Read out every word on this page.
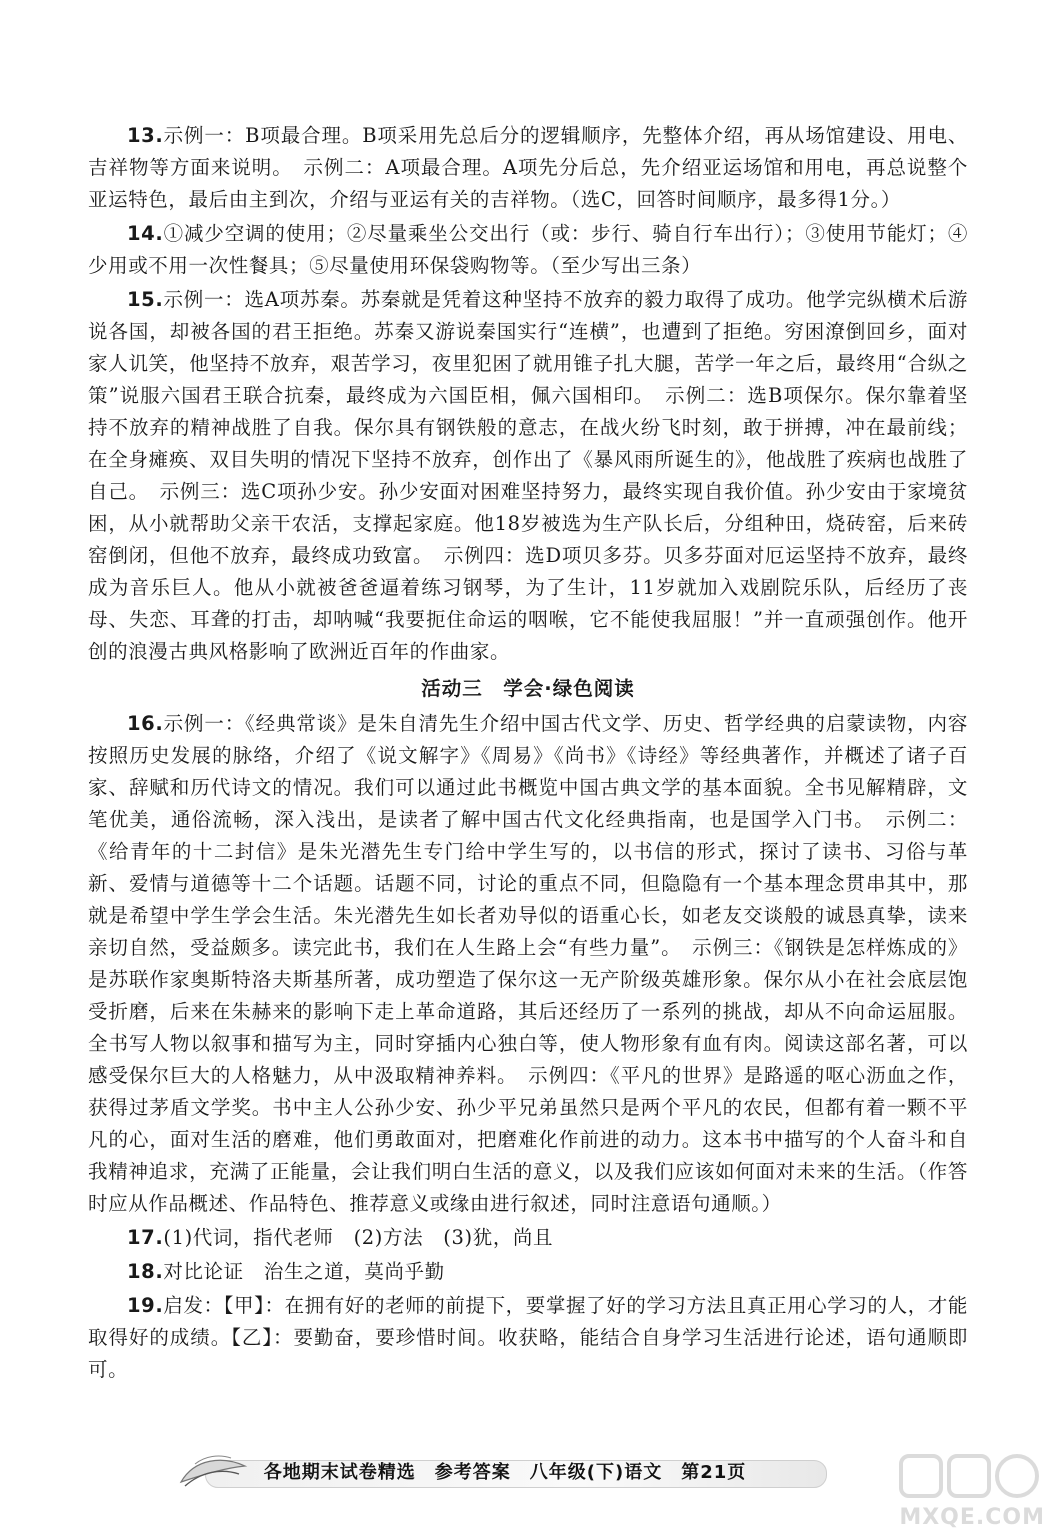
13.示例一：B项最合理。B项采用先总后分的逻辑顺序，先整体介绍，再从场馆建设、用电、吉祥物等方面来说明。　示例二：A项最合理。A项先分后总，先介绍亚运场馆和用电，再总说整个亚运特色，最后由主到次，介绍与亚运有关的吉祥物。（选C，回答时间顺序，最多得1分。）

14.①减少空调的使用；②尽量乘坐公交出行（或：步行、骑自行车出行）；③使用节能灯；④少用或不用一次性餐具；⑤尽量使用环保袋购物等。（至少写出三条）

15.示例一：选A项苏秦。苏秦就是凭着这种坚持不放弃的毅力取得了成功。他学完纵横术后游说各国，却被各国的君王拒绝。苏秦又游说秦国实行“连横”，也遭到了拒绝。穷困潦倒回乡，面对家人讥笑，他坚持不放弃，艰苦学习，夜里犯困了就用锥子扎大腿，苦学一年之后，最终用“合纵之策”说服六国君王联合抗秦，最终成为六国臣相，佩六国相印。　示例二：选B项保尔。保尔靠着坚持不放弃的精神战胜了自我。保尔具有钢铁般的意志，在战火纷飞时刻，敢于拼搏，冲在最前线；在全身瘫痪、双目失明的情况下坚持不放弃，创作出了《暴风雨所诞生的》，他战胜了疾病也战胜了自己。　示例三：选C项孙少安。孙少安面对困难坚持努力，最终实现自我价值。孙少安由于家境贫困，从小就帮助父亲干农活，支撑起家庭。他18岁被选为生产队长后，分组种田，烧砖窑，后来砖窑倒闭，但他不放弃，最终成功致富。　示例四：选D项贝多芬。贝多芬面对厄运坚持不放弃，最终成为音乐巨人。他从小就被爸爸逼着练习钢琴，为了生计，11岁就加入戏剧院乐队，后经历了丧母、失恋、耳聋的打击，却呐喊“我要扼住命运的咽喉，它不能使我屈服！”并一直顽强创作。他开创的浪漫古典风格影响了欧洲近百年的作曲家。

活动三　学会·绿色阅读

16.示例一：《经典常谈》是朱自清先生介绍中国古代文学、历史、哲学经典的启蒙读物，内容按照历史发展的脉络，介绍了《说文解字》《周易》《尚书》《诗经》等经典著作，并概述了诸子百家、辞赋和历代诗文的情况。我们可以通过此书概览中国古典文学的基本面貌。全书见解精辟，文笔优美，通俗流畅，深入浅出，是读者了解中国古代文化经典指南，也是国学入门书。　示例二：《给青年的十二封信》是朱光潜先生专门给中学生写的，以书信的形式，探讨了读书、习俗与革新、爱情与道德等十二个话题。话题不同，讨论的重点不同，但隐隐有一个基本理念贯串其中，那就是希望中学生学会生活。朱光潜先生如长者劝导似的语重心长，如老友交谈般的诚恳真挚，读来亲切自然，受益颇多。读完此书，我们在人生路上会“有些力量”。　示例三：《钢铁是怎样炼成的》是苏联作家奥斯特洛夫斯基所著，成功塑造了保尔这一无产阶级英雄形象。保尔从小在社会底层饱受折磨，后来在朱赫来的影响下走上革命道路，其后还经历了一系列的挑战，却从不向命运屈服。全书写人物以叙事和描写为主，同时穿插内心独白等，使人物形象有血有肉。阅读这部名著，可以感受保尔巨大的人格魅力，从中汲取精神养料。　示例四：《平凡的世界》是路遥的呕心沥血之作，获得过茅盾文学奖。书中主人公孙少安、孙少平兄弟虽然只是两个平凡的农民，但都有着一颗不平凡的心，面对生活的磨难，他们勇敢面对，把磨难化作前进的动力。这本书中描写的个人奋斗和自我精神追求，充满了正能量，会让我们明白生活的意义，以及我们应该如何面对未来的生活。（作答时应从作品概述、作品特色、推荐意义或缘由进行叙述，同时注意语句通顺。）

17.(1)代词，指代老师　(2)方法　(3)犹，尚且

18.对比论证　治生之道，莫尚乎勤

19.启发：【甲】：在拥有好的老师的前提下，要掌握了好的学习方法且真正用心学习的人，才能取得好的成绩。【乙】：要勤奋，要珍惜时间。收获略，能结合自身学习生活进行论述，语句通顺即可。

各地期末试卷精选　参考答案　八年级(下)语文　第21页
MXQE.COM
